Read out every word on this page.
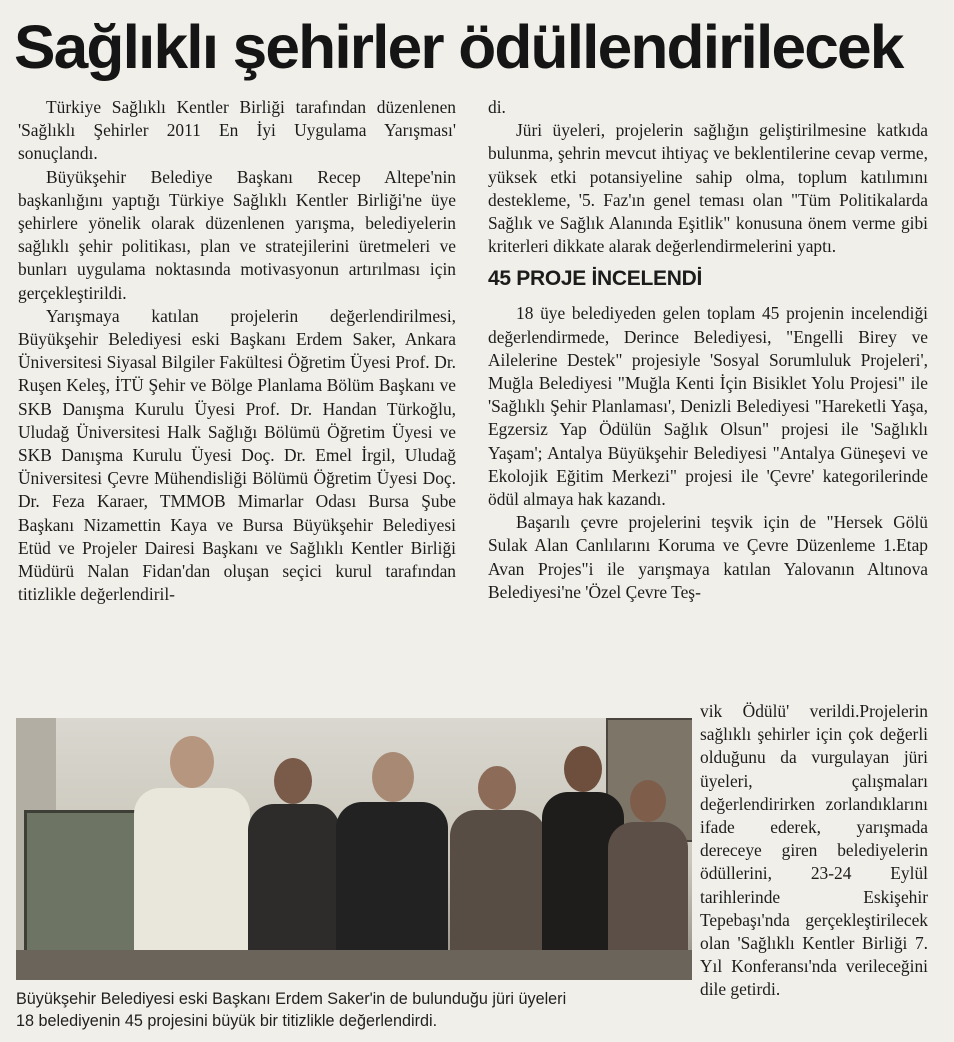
Sağlıklı şehirler ödüllendirilecek

Türkiye Sağlıklı Kentler Birliği tarafından düzenlenen 'Sağlıklı Şehirler 2011 En İyi Uygulama Yarışması' sonuçlandı.

Büyükşehir Belediye Başkanı Recep Altepe'nin başkanlığını yaptığı Türkiye Sağlıklı Kentler Birliği'ne üye şehirlere yönelik olarak düzenlenen yarışma, belediyelerin sağlıklı şehir politikası, plan ve stratejilerini üretmeleri ve bunları uygulama noktasında motivasyonun artırılması için gerçekleştirildi.

Yarışmaya katılan projelerin değerlendirilmesi, Büyükşehir Belediyesi eski Başkanı Erdem Saker, Ankara Üniversitesi Siyasal Bilgiler Fakültesi Öğretim Üyesi Prof. Dr. Ruşen Keleş, İTÜ Şehir ve Bölge Planlama Bölüm Başkanı ve SKB Danışma Kurulu Üyesi Prof. Dr. Handan Türkoğlu, Uludağ Üniversitesi Halk Sağlığı Bölümü Öğretim Üyesi ve SKB Danışma Kurulu Üyesi Doç. Dr. Emel İrgil, Uludağ Üniversitesi Çevre Mühendisliği Bölümü Öğretim Üyesi Doç. Dr. Feza Karaer, TMMOB Mimarlar Odası Bursa Şube Başkanı Nizamettin Kaya ve Bursa Büyükşehir Belediyesi Etüd ve Projeler Dairesi Başkanı ve Sağlıklı Kentler Birliği Müdürü Nalan Fidan'dan oluşan seçici kurul tarafından titizlikle değerlendiril-

di.

Jüri üyeleri, projelerin sağlığın geliştirilmesine katkıda bulunma, şehrin mevcut ihtiyaç ve beklentilerine cevap verme, yüksek etki potansiyeline sahip olma, toplum katılımını destekleme, '5. Faz'ın genel teması olan "Tüm Politikalarda Sağlık ve Sağlık Alanında Eşitlik" konusuna önem verme gibi kriterleri dikkate alarak değerlendirmelerini yaptı.

45 PROJE İNCELENDİ

18 üye belediyeden gelen toplam 45 projenin incelendiği değerlendirmede, Derince Belediyesi, "Engelli Birey ve Ailelerine Destek" projesiyle 'Sosyal Sorumluluk Projeleri', Muğla Belediyesi "Muğla Kenti İçin Bisiklet Yolu Projesi" ile 'Sağlıklı Şehir Planlaması', Denizli Belediyesi "Hareketli Yaşa, Egzersiz Yap Ödülün Sağlık Olsun" projesi ile 'Sağlıklı Yaşam'; Antalya Büyükşehir Belediyesi "Antalya Güneşevi ve Ekolojik Eğitim Merkezi" projesi ile 'Çevre' kategorilerinde ödül almaya hak kazandı.

Başarılı çevre projelerini teşvik için de "Hersek Gölü Sulak Alan Canlılarını Koruma ve Çevre Düzenleme 1.Etap Avan Projes"i ile yarışmaya katılan Yalovanın Altınova Belediyesi'ne 'Özel Çevre Teş-

vik Ödülü' verildi.Projelerin sağlıklı şehirler için çok değerli olduğunu da vurgulayan jüri üyeleri, çalışmaları değerlendirirken zorlandıklarını ifade ederek, yarışmada dereceye giren belediyelerin ödüllerini, 23-24 Eylül tarihlerinde Eskişehir Tepebaşı'nda gerçekleştirilecek olan 'Sağlıklı Kentler Birliği 7. Yıl Konferansı'nda verileceğini dile getirdi.

Büyükşehir Belediyesi eski Başkanı Erdem Saker'in de bulunduğu jüri üyeleri
18 belediyenin 45 projesini büyük bir titizlikle değerlendirdi.
